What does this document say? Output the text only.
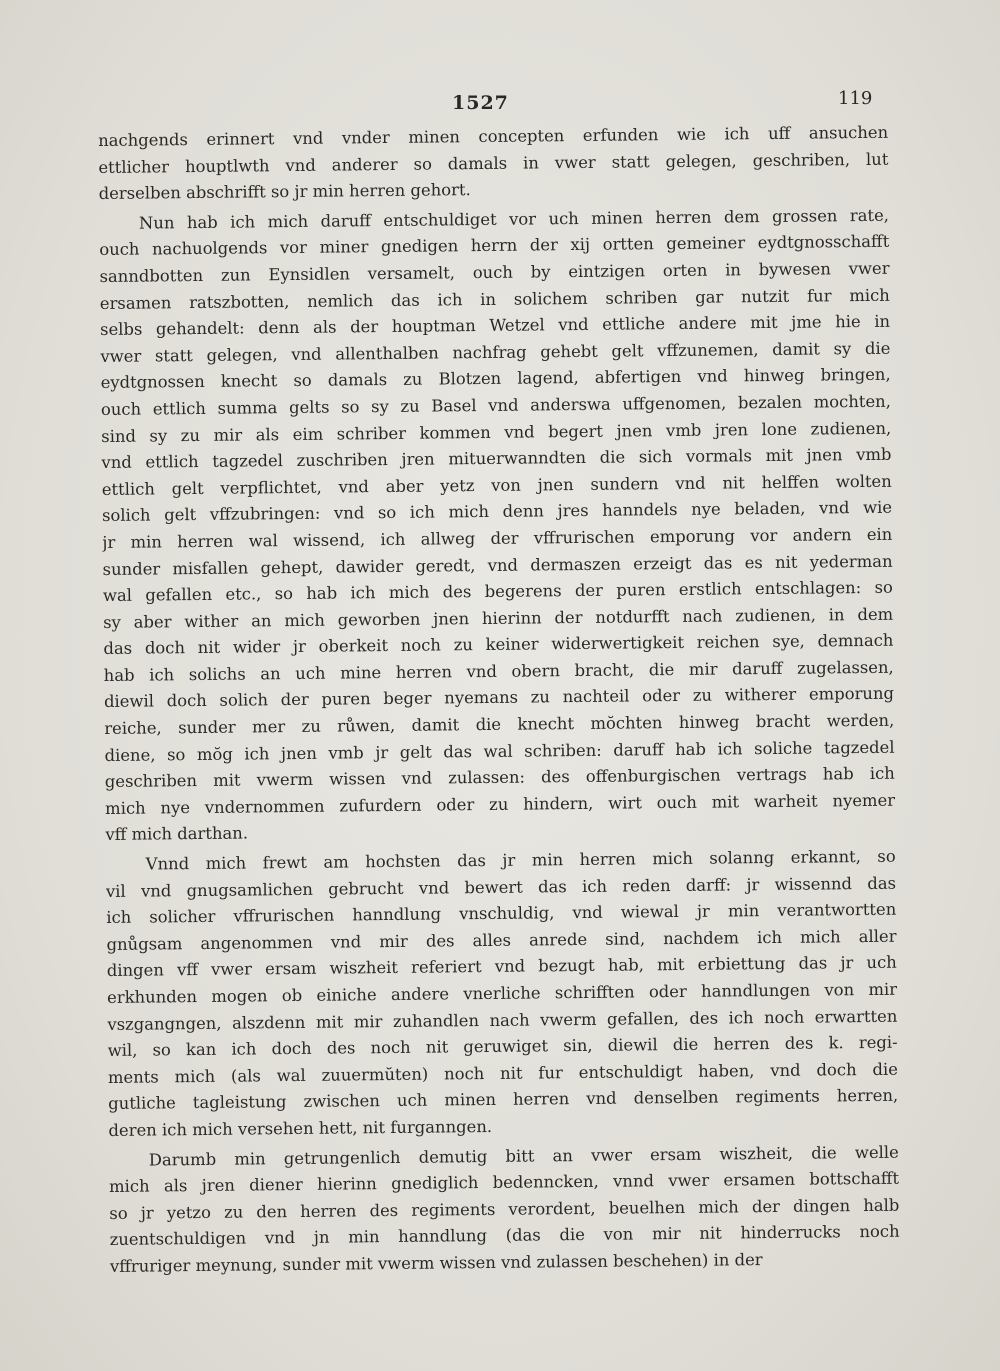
1527	119
nachgends erinnert vnd vnder minen concepten erfunden wie ich uff ansuchen
ettlicher houptlwth vnd anderer so damals in vwer statt gelegen, geschriben, lut
derselben abschrifft so jr min herren gehort.
Nun hab ich mich daruff entschuldiget vor uch minen herren dem grossen rate,
ouch nachuolgends vor miner gnedigen herrn der xij ortten gemeiner eydtgnosschafft
sanndbotten zun Eynsidlen versamelt, ouch by eintzigen orten in bywesen vwer
ersamen ratszbotten, nemlich das ich in solichem schriben gar nutzit fur mich
selbs gehandelt: denn als der houptman Wetzel vnd ettliche andere mit jme hie in
vwer statt gelegen, vnd allenthalben nachfrag gehebt gelt vffzunemen, damit sy die
eydtgnossen knecht so damals zu Blotzen lagend, abfertigen vnd hinweg bringen,
ouch ettlich summa gelts so sy zu Basel vnd anderswa uffgenomen, bezalen mochten,
sind sy zu mir als eim schriber kommen vnd begert jnen vmb jren lone zudienen,
vnd ettlich tagzedel zuschriben jren mituerwanndten die sich vormals mit jnen vmb
ettlich gelt verpflichtet, vnd aber yetz von jnen sundern vnd nit helffen wolten
solich gelt vffzubringen: vnd so ich mich denn jres hanndels nye beladen, vnd wie
jr min herren wal wissend, ich allweg der vffrurischen emporung vor andern ein
sunder misfallen gehept, dawider geredt, vnd dermaszen erzeigt das es nit yederman
wal gefallen etc., so hab ich mich des begerens der puren erstlich entschlagen: so
sy aber wither an mich geworben jnen hierinn der notdurfft nach zudienen, in dem
das doch nit wider jr oberkeit noch zu keiner widerwertigkeit reichen sye, demnach
hab ich solichs an uch mine herren vnd obern bracht, die mir daruff zugelassen,
diewil doch solich der puren beger nyemans zu nachteil oder zu witherer emporung
reiche, sunder mer zu růwen, damit die knecht mŏchten hinweg bracht werden,
diene, so mŏg ich jnen vmb jr gelt das wal schriben: daruff hab ich soliche tagzedel
geschriben mit vwerm wissen vnd zulassen: des offenburgischen vertrags hab ich
mich nye vndernommen zufurdern oder zu hindern, wirt ouch mit warheit nyemer
vff mich darthan.
Vnnd mich frewt am hochsten das jr min herren mich solanng erkannt, so
vil vnd gnugsamlichen gebrucht vnd bewert das ich reden darff: jr wissennd das
ich solicher vffrurischen hanndlung vnschuldig, vnd wiewal jr min verantwortten
gnůgsam angenommen vnd mir des alles anrede sind, nachdem ich mich aller
dingen vff vwer ersam wiszheit referiert vnd bezugt hab, mit erbiettung das jr uch
erkhunden mogen ob einiche andere vnerliche schrifften oder hanndlungen von mir
vszgangngen, alszdenn mit mir zuhandlen nach vwerm gefallen, des ich noch erwartten
wil, so kan ich doch des noch nit geruwiget sin, diewil die herren des k. regi-
ments mich (als wal zuuermŭten) noch nit fur entschuldigt haben, vnd doch die
gutliche tagleistung zwischen uch minen herren vnd denselben regiments herren,
deren ich mich versehen hett, nit furganngen.
Darumb min getrungenlich demutig bitt an vwer ersam wiszheit, die welle
mich als jren diener hierinn gnediglich bedenncken, vnnd vwer ersamen bottschafft
so jr yetzo zu den herren des regiments verordent, beuelhen mich der dingen halb
zuentschuldigen vnd jn min hanndlung (das die von mir nit hinderrucks noch
vffruriger meynung, sunder mit vwerm wissen vnd zulassen beschehen) in der
